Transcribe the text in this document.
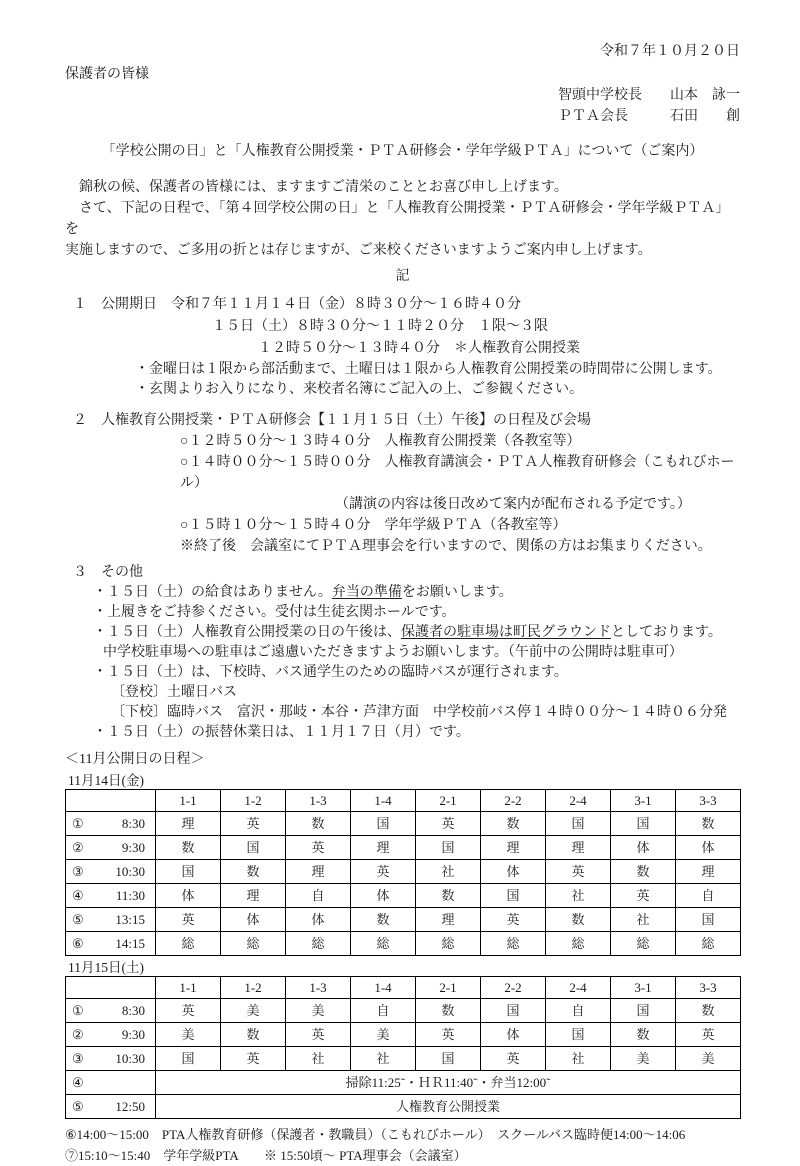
令和７年１０月２０日
保護者の皆様
智頭中学校長　　山本　詠一
ＰＴＡ会長　　　石田　　創
「学校公開の日」と「人権教育公開授業・ＰＴＡ研修会・学年学級ＰＴＡ」について（ご案内）
　錦秋の候、保護者の皆様には、ますますご清栄のこととお喜び申し上げます。
　さて、下記の日程で、「第４回学校公開の日」と「人権教育公開授業・ＰＴＡ研修会・学年学級ＰＴＡ」を
実施しますので、ご多用の折とは存じますが、ご来校くださいますようご案内申し上げます。
記
１　公開期日　令和７年１１月１４日（金）８時３０分～１６時４０分
１５日（土）８時３０分～１１時２０分　１限～３限
１２時５０分～１３時４０分　＊人権教育公開授業
・金曜日は１限から部活動まで、土曜日は１限から人権教育公開授業の時間帯に公開します。
・玄関よりお入りになり、来校者名簿にご記入の上、ご参観ください。
２　人権教育公開授業・ＰＴＡ研修会【１１月１５日（土）午後】の日程及び会場
○１２時５０分～１３時４０分　人権教育公開授業（各教室等）
○１４時００分～１５時００分　人権教育講演会・ＰＴＡ人権教育研修会（こもれびホール）
（講演の内容は後日改めて案内が配布される予定です。）
○１５時１０分～１５時４０分　学年学級ＰＴＡ（各教室等）
※終了後　会議室にてＰＴＡ理事会を行いますので、関係の方はお集まりください。
３　その他
・１５日（土）の給食はありません。弁当の準備をお願いします。
・上履きをご持参ください。受付は生徒玄関ホールです。
・１５日（土）人権教育公開授業の日の午後は、保護者の駐車場は町民グラウンドとしております。
中学校駐車場への駐車はご遠慮いただきますようお願いします。（午前中の公開時は駐車可）
・１５日（土）は、下校時、バス通学生のための臨時バスが運行されます。
〔登校〕土曜日バス
〔下校〕臨時バス　富沢・那岐・本谷・芦津方面　中学校前バス停１４時００分～１４時０６分発
・１５日（土）の振替休業日は、１１月１７日（月）です。
＜11月公開日の日程＞
11月14日(金)
	1-1	1-2	1-3	1-4	2-1	2-2	2-4	3-1	3-3

① 8:30	理	英	数	国	英	数	国	国	数

② 9:30	数	国	英	理	国	理	理	体	体

③ 10:30	国	数	理	英	社	体	英	数	理

④ 11:30	体	理	自	体	数	国	社	英	自

⑤ 13:15	英	体	体	数	理	英	数	社	国

⑥ 14:15	総	総	総	総	総	総	総	総	総
11月15日(土)
	1-1	1-2	1-3	1-4	2-1	2-2	2-4	3-1	3-3

① 8:30	英	美	美	自	数	国	自	国	数

② 9:30	美	数	英	美	英	体	国	数	英

③ 10:30	国	英	社	社	国	英	社	美	美

④	掃除11:25˜・ＨＲ11:40˜・弁当12:00˜								

⑤ 12:50	人権教育公開授業								
⑥14:00～15:00　PTA人権教育研修（保護者・教職員）（こもれびホール）　スクールバス臨時便14:00～14:06
⑦15:10～15:40　学年学級PTA　　※ 15:50頃～ PTA理事会（会議室）
